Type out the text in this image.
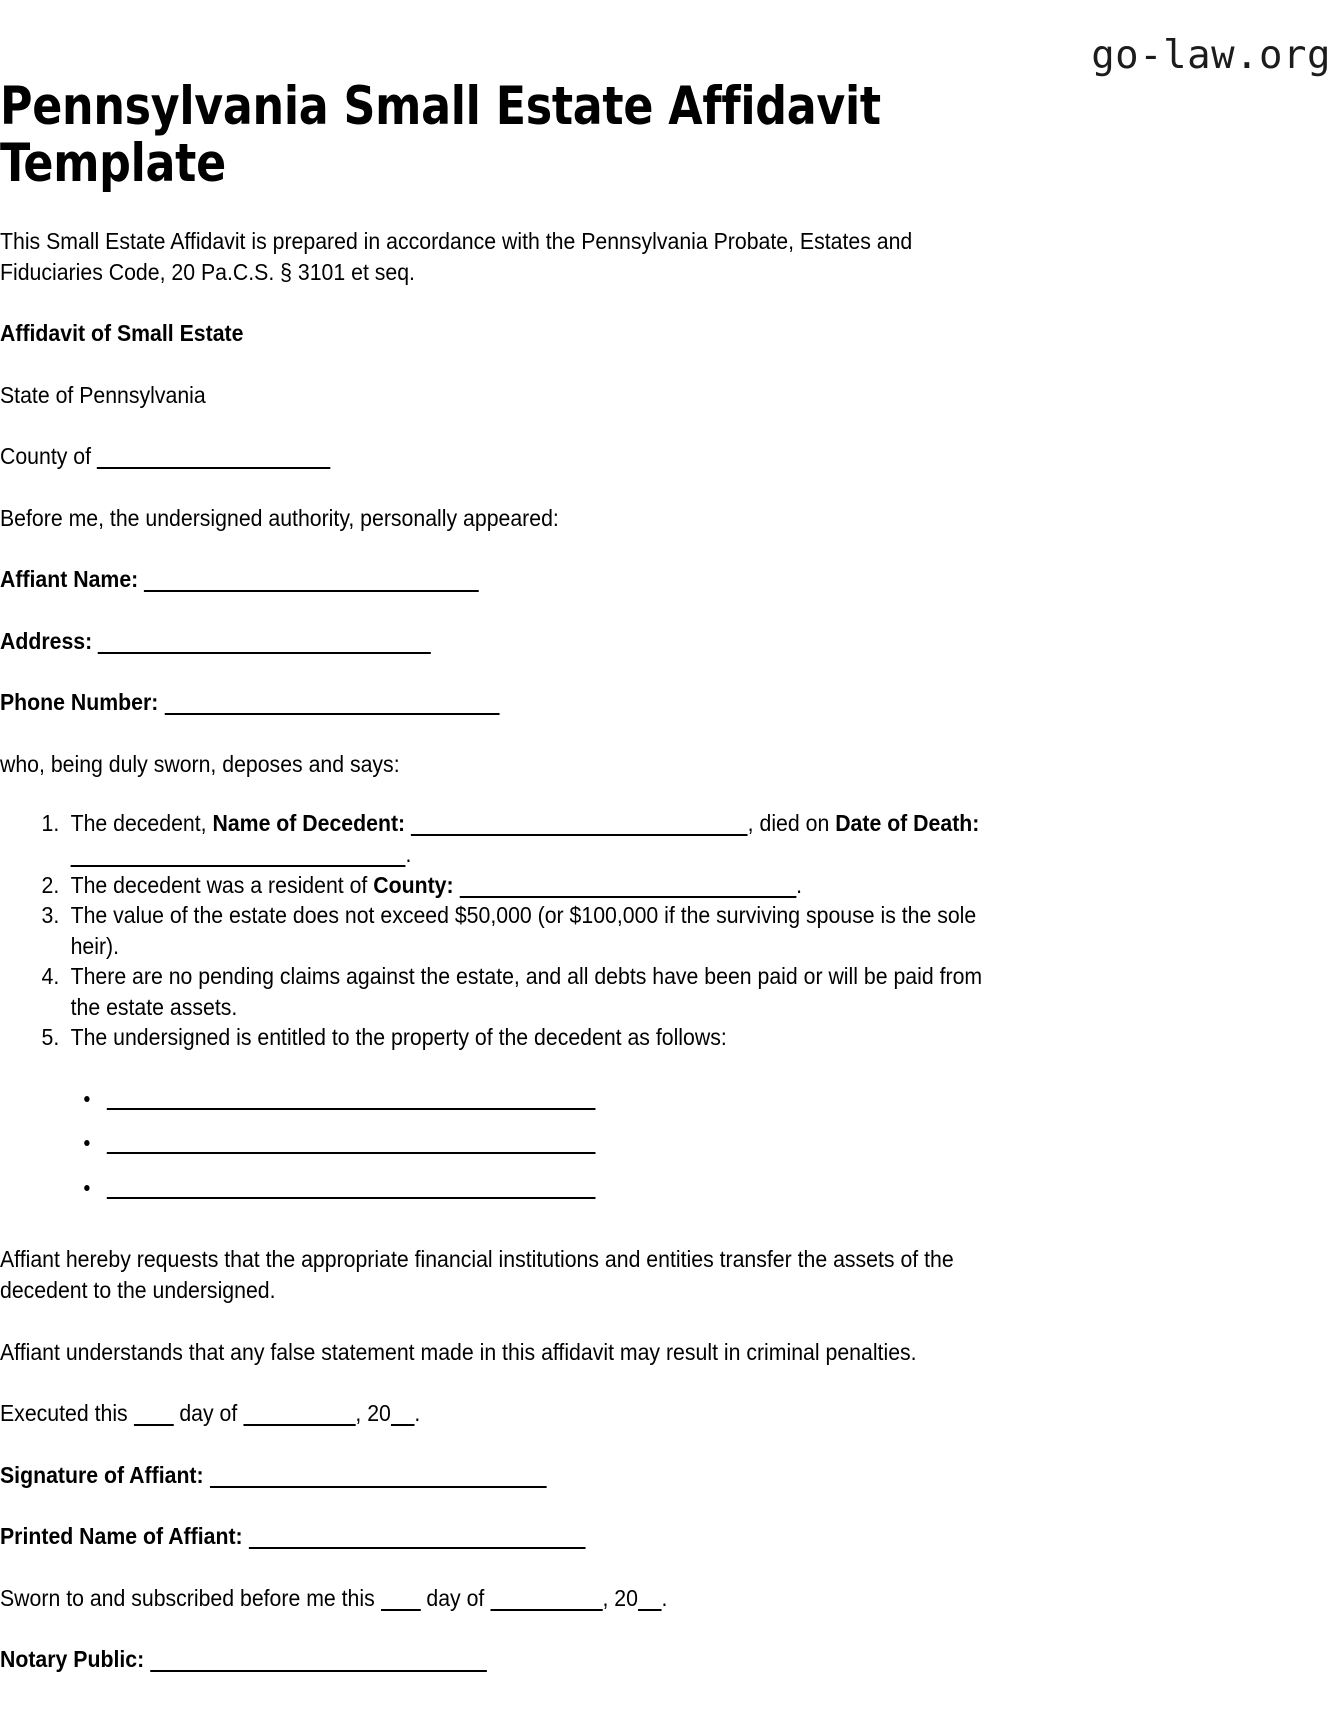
go-law.org
Pennsylvania Small Estate Affidavit Template

This Small Estate Affidavit is prepared in accordance with the Pennsylvania Probate, Estates and Fiduciaries Code, 20 Pa.C.S. § 3101 et seq.

Affidavit of Small Estate

State of Pennsylvania

County of

Before me, the undersigned authority, personally appeared:

Affiant Name:

Address:

Phone Number:

who, being duly sworn, deposes and says:

1. The decedent, Name of Decedent:	, died on Date of Death: .
2. The decedent was a resident of County:	.
3. The value of the estate does not exceed $50,000 (or $100,000 if the surviving spouse is the sole heir).
4. There are no pending claims against the estate, and all debts have been paid or will be paid from the estate assets.
5. The undersigned is entitled to the property of the decedent as follows:
•
•
•

Affiant hereby requests that the appropriate financial institutions and entities transfer the assets of the decedent to the undersigned.

Affiant understands that any false statement made in this affidavit may result in criminal penalties.

Executed this  day of	, 20 .

Signature of Affiant:

Printed Name of Affiant:

Sworn to and subscribed before me this  day of	, 20 .

Notary Public:
